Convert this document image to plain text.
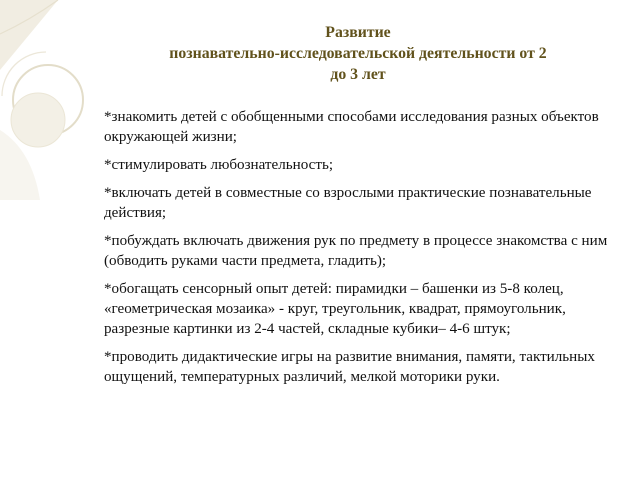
Развитие
познавательно-исследовательской деятельности от 2
до 3 лет

*знакомить детей с обобщенными способами исследования разных объектов окружающей жизни;

*стимулировать любознательность;

*включать детей в совместные со взрослыми практические познавательные действия;

*побуждать включать движения рук по предмету в процессе знакомства с ним (обводить руками части предмета, гладить);

*обогащать сенсорный опыт детей: пирамидки – башенки из 5-8 колец, «геометрическая мозаика» - круг, треугольник, квадрат, прямоугольник, разрезные картинки из 2-4 частей, складные кубики– 4-6 штук;

*проводить дидактические игры на развитие внимания, памяти, тактильных ощущений, температурных различий, мелкой моторики руки.
